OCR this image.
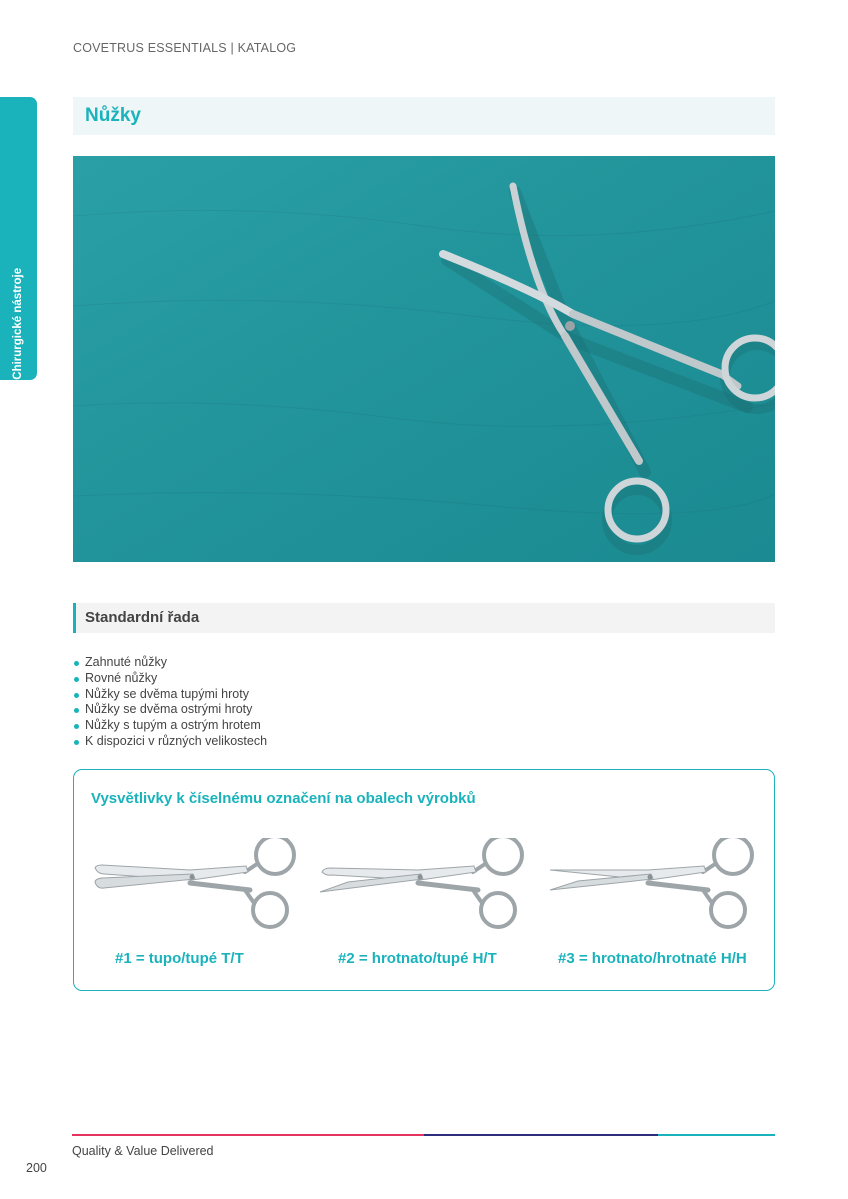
COVETRUS ESSENTIALS | KATALOG
15 | Chirurgické nástroje
Nůžky
Standardní řada
Zahnuté nůžky
Rovné nůžky
Nůžky se dvěma tupými hroty
Nůžky se dvěma ostrými hroty
Nůžky s tupým a ostrým hrotem
K dispozici v různých velikostech
Vysvětlivky k číselnému označení na obalech výrobků
#1 = tupo/tupé T/T	#2 = hrotnato/tupé H/T	#3 = hrotnato/hrotnaté H/H
Quality & Value Delivered
200
